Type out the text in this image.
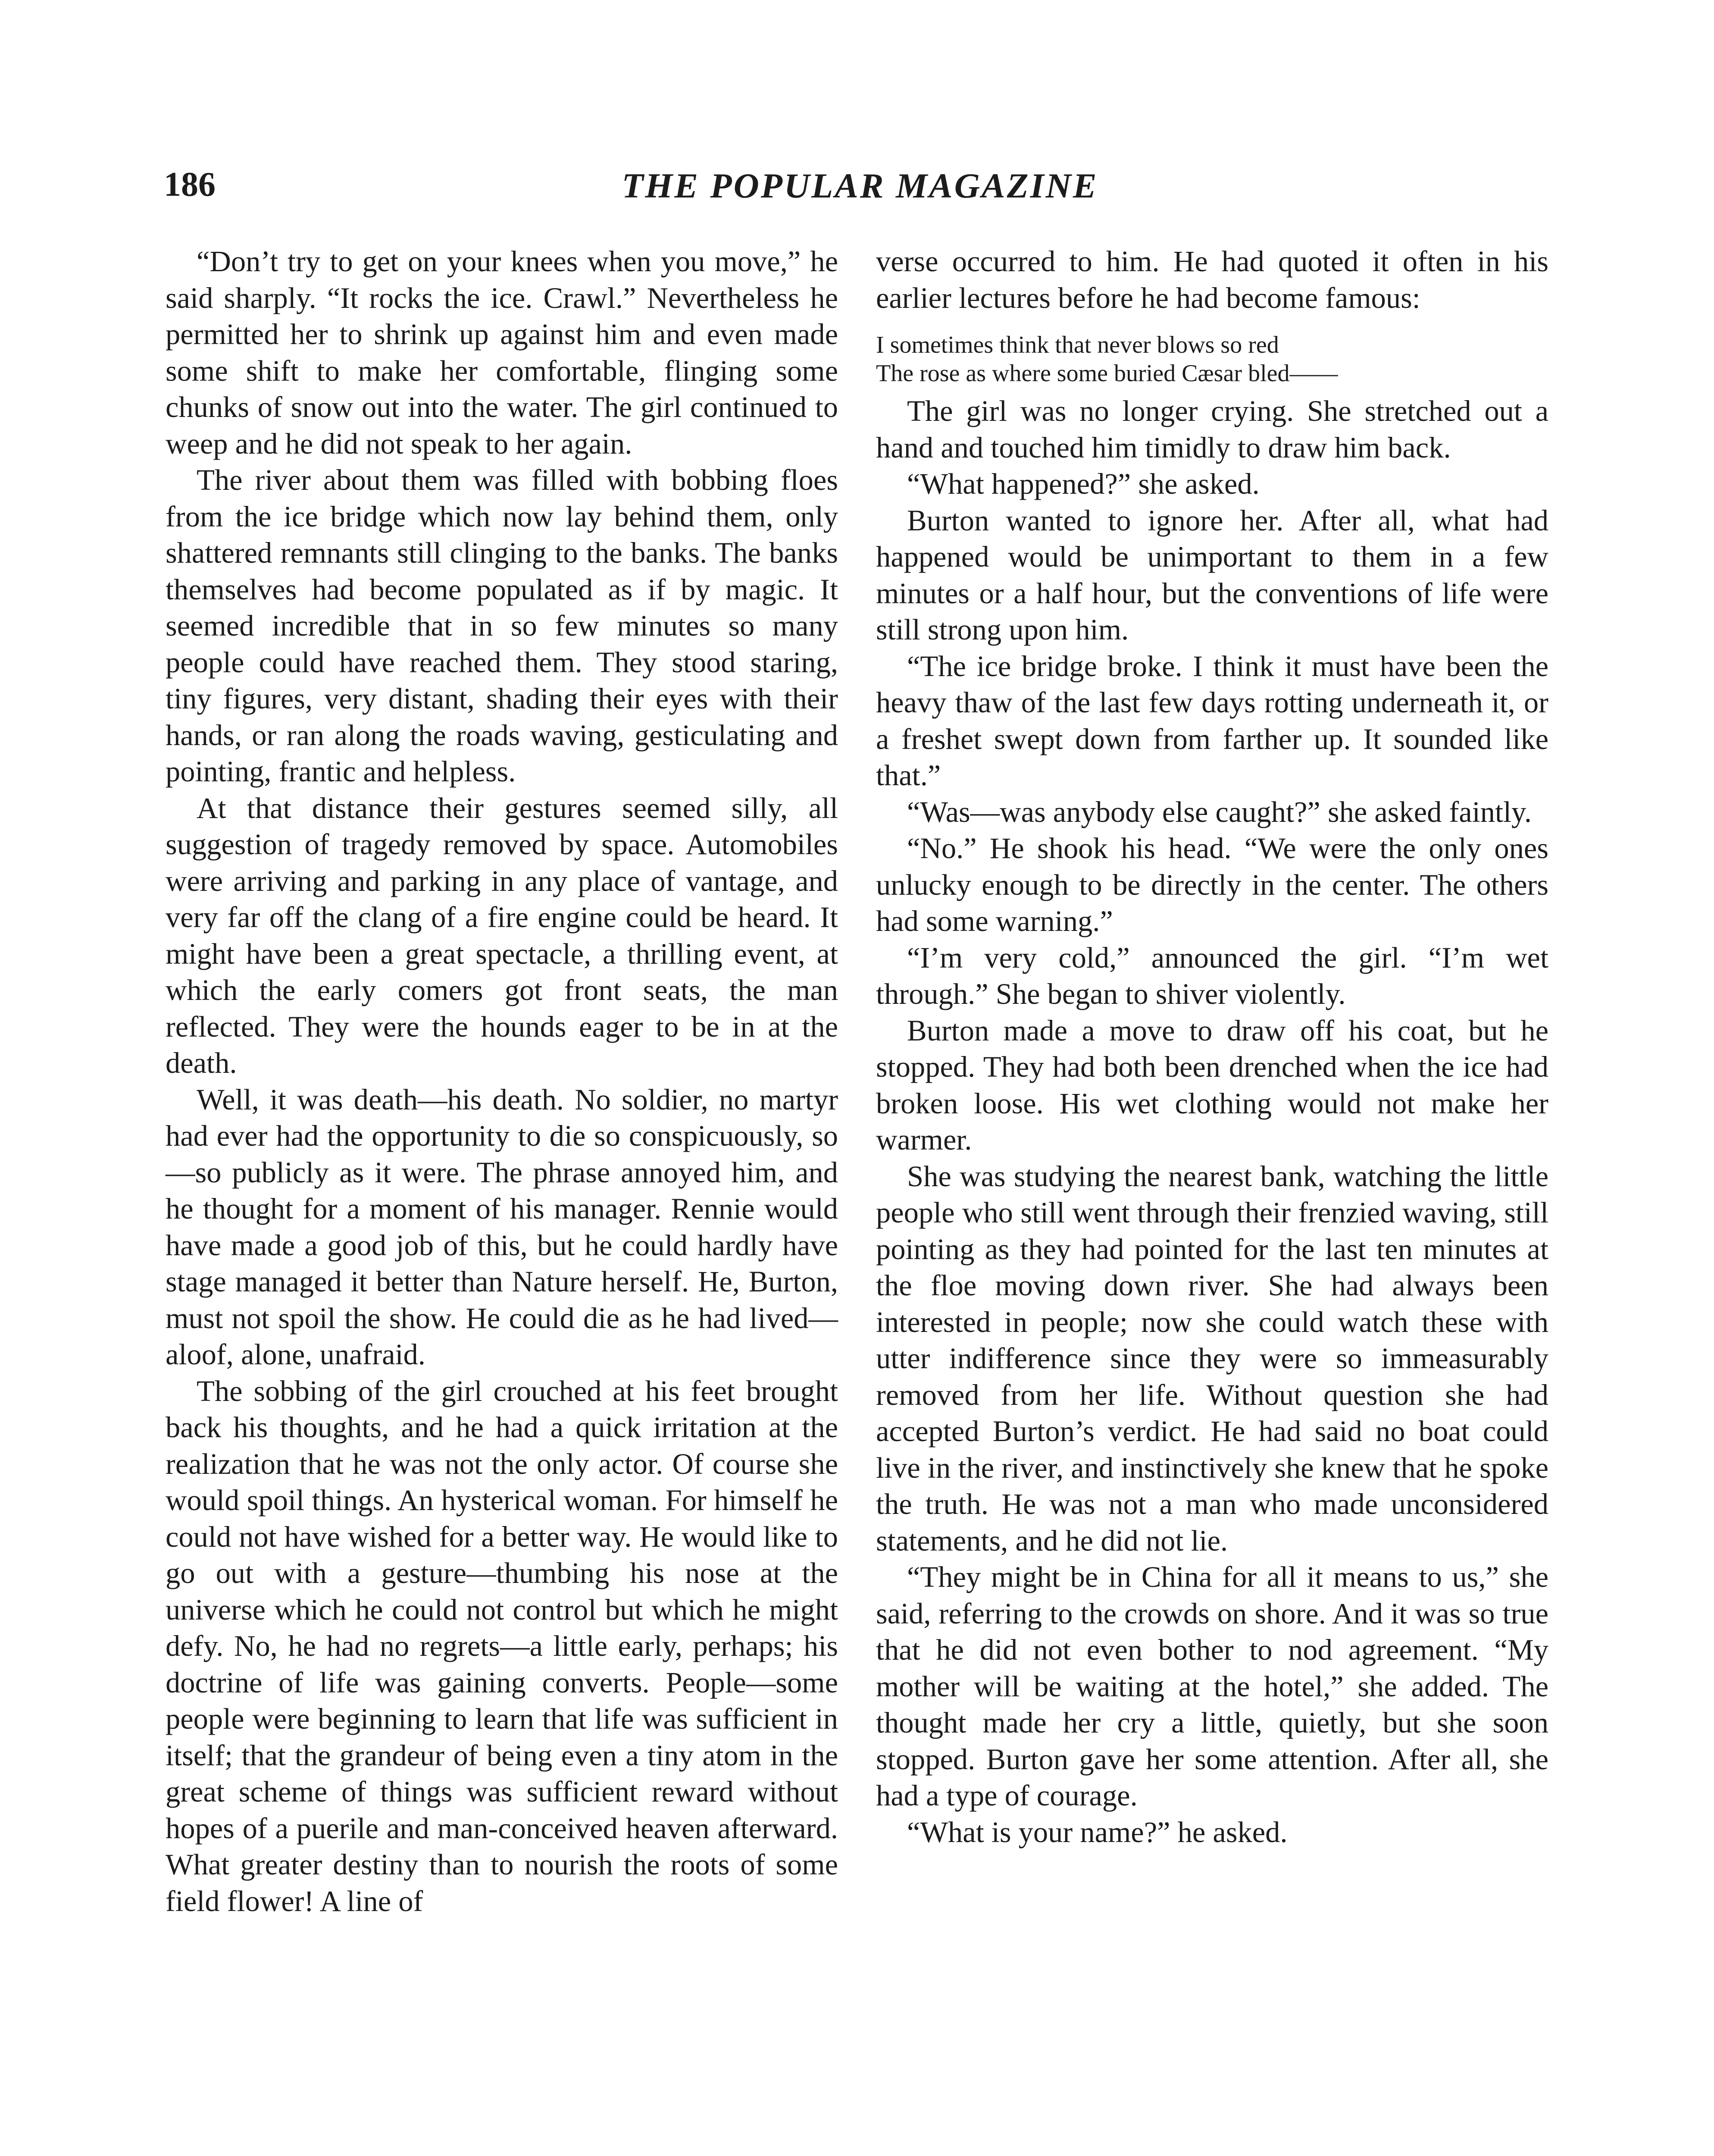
186	THE POPULAR MAGAZINE

“Don’t try to get on your knees when you move,” he said sharply. “It rocks the ice. Crawl.” Nevertheless he permitted her to shrink up against him and even made some shift to make her comfortable, flinging some chunks of snow out into the water. The girl continued to weep and he did not speak to her again.

The river about them was filled with bobbing floes from the ice bridge which now lay behind them, only shattered remnants still clinging to the banks. The banks themselves had become populated as if by magic. It seemed incredible that in so few minutes so many people could have reached them. They stood staring, tiny figures, very distant, shading their eyes with their hands, or ran along the roads waving, gesticulating and pointing, frantic and helpless.

At that distance their gestures seemed silly, all suggestion of tragedy removed by space. Automobiles were arriving and parking in any place of vantage, and very far off the clang of a fire engine could be heard. It might have been a great spectacle, a thrilling event, at which the early comers got front seats, the man reflected. They were the hounds eager to be in at the death.

Well, it was death—his death. No soldier, no martyr had ever had the opportunity to die so conspicuously, so—so publicly as it were. The phrase annoyed him, and he thought for a moment of his manager. Rennie would have made a good job of this, but he could hardly have stage managed it better than Nature herself. He, Burton, must not spoil the show. He could die as he had lived—aloof, alone, unafraid.

The sobbing of the girl crouched at his feet brought back his thoughts, and he had a quick irritation at the realization that he was not the only actor. Of course she would spoil things. An hysterical woman. For himself he could not have wished for a better way. He would like to go out with a gesture—thumbing his nose at the universe which he could not control but which he might defy. No, he had no regrets—a little early, perhaps; his doctrine of life was gaining converts. People—some people were beginning to learn that life was sufficient in itself; that the grandeur of being even a tiny atom in the great scheme of things was sufficient reward without hopes of a puerile and man-conceived heaven afterward. What greater destiny than to nourish the roots of some field flower! A line of

verse occurred to him. He had quoted it often in his earlier lectures before he had become famous:

I sometimes think that never blows so red
The rose as where some buried Cæsar bled——

The girl was no longer crying. She stretched out a hand and touched him timidly to draw him back.

“What happened?” she asked.

Burton wanted to ignore her. After all, what had happened would be unimportant to them in a few minutes or a half hour, but the conventions of life were still strong upon him.

“The ice bridge broke. I think it must have been the heavy thaw of the last few days rotting underneath it, or a freshet swept down from farther up. It sounded like that.”

“Was—was anybody else caught?” she asked faintly.

“No.” He shook his head. “We were the only ones unlucky enough to be directly in the center. The others had some warning.”

“I’m very cold,” announced the girl. “I’m wet through.” She began to shiver violently.

Burton made a move to draw off his coat, but he stopped. They had both been drenched when the ice had broken loose. His wet clothing would not make her warmer.

She was studying the nearest bank, watching the little people who still went through their frenzied waving, still pointing as they had pointed for the last ten minutes at the floe moving down river. She had always been interested in people; now she could watch these with utter indifference since they were so immeasurably removed from her life. Without question she had accepted Burton’s verdict. He had said no boat could live in the river, and instinctively she knew that he spoke the truth. He was not a man who made unconsidered statements, and he did not lie.

“They might be in China for all it means to us,” she said, referring to the crowds on shore. And it was so true that he did not even bother to nod agreement. “My mother will be waiting at the hotel,” she added. The thought made her cry a little, quietly, but she soon stopped. Burton gave her some attention. After all, she had a type of courage.

“What is your name?” he asked.
